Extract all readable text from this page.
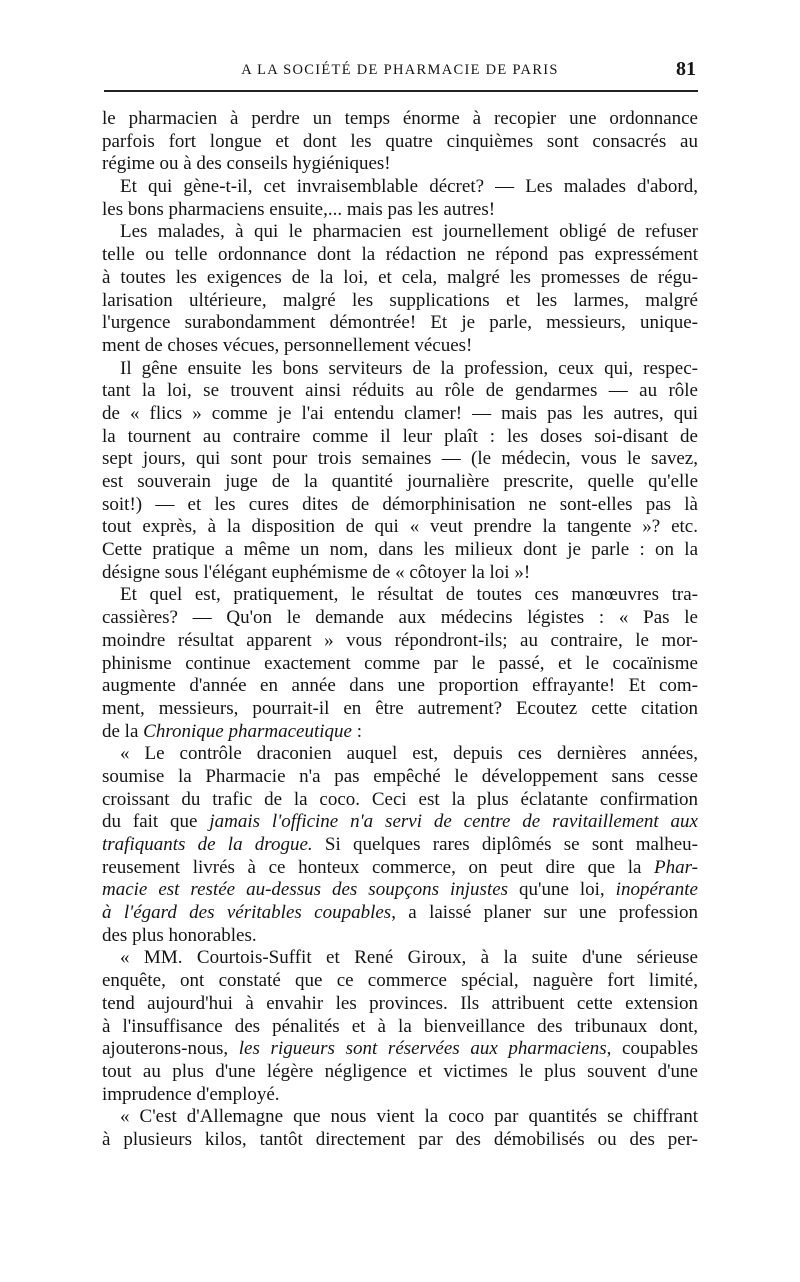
A LA SOCIÉTÉ DE PHARMACIE DE PARIS	81
le pharmacien à perdre un temps énorme à recopier une ordonnance
parfois fort longue et dont les quatre cinquièmes sont consacrés au
régime ou à des conseils hygiéniques!
Et qui gène-t-il, cet invraisemblable décret? — Les malades d'abord,
les bons pharmaciens ensuite,... mais pas les autres!
Les malades, à qui le pharmacien est journellement obligé de refuser
telle ou telle ordonnance dont la rédaction ne répond pas expressément
à toutes les exigences de la loi, et cela, malgré les promesses de régu-
larisation ultérieure, malgré les supplications et les larmes, malgré
l'urgence surabondamment démontrée! Et je parle, messieurs, unique-
ment de choses vécues, personnellement vécues!
Il gêne ensuite les bons serviteurs de la profession, ceux qui, respec-
tant la loi, se trouvent ainsi réduits au rôle de gendarmes — au rôle
de « flics » comme je l'ai entendu clamer! — mais pas les autres, qui
la tournent au contraire comme il leur plaît : les doses soi-disant de
sept jours, qui sont pour trois semaines — (le médecin, vous le savez,
est souverain juge de la quantité journalière prescrite, quelle qu'elle
soit!) — et les cures dites de démorphinisation ne sont-elles pas là
tout exprès, à la disposition de qui « veut prendre la tangente »? etc.
Cette pratique a même un nom, dans les milieux dont je parle : on la
désigne sous l'élégant euphémisme de « côtoyer la loi »!
Et quel est, pratiquement, le résultat de toutes ces manœuvres tra-
cassières? — Qu'on le demande aux médecins légistes : « Pas le
moindre résultat apparent » vous répondront-ils; au contraire, le mor-
phinisme continue exactement comme par le passé, et le cocaïnisme
augmente d'année en année dans une proportion effrayante! Et com-
ment, messieurs, pourrait-il en être autrement? Ecoutez cette citation
de la Chronique pharmaceutique :
« Le contrôle draconien auquel est, depuis ces dernières années,
soumise la Pharmacie n'a pas empêché le développement sans cesse
croissant du trafic de la coco. Ceci est la plus éclatante confirmation
du fait que jamais l'officine n'a servi de centre de ravitaillement aux
trafiquants de la drogue. Si quelques rares diplômés se sont malheu-
reusement livrés à ce honteux commerce, on peut dire que la Phar-
macie est restée au-dessus des soupçons injustes qu'une loi, inopérante
à l'égard des véritables coupables, a laissé planer sur une profession
des plus honorables.
« MM. Courtois-Suffit et René Giroux, à la suite d'une sérieuse
enquête, ont constaté que ce commerce spécial, naguère fort limité,
tend aujourd'hui à envahir les provinces. Ils attribuent cette extension
à l'insuffisance des pénalités et à la bienveillance des tribunaux dont,
ajouterons-nous, les rigueurs sont réservées aux pharmaciens, coupables
tout au plus d'une légère négligence et victimes le plus souvent d'une
imprudence d'employé.
« C'est d'Allemagne que nous vient la coco par quantités se chiffrant
à plusieurs kilos, tantôt directement par des démobilisés ou des per-
